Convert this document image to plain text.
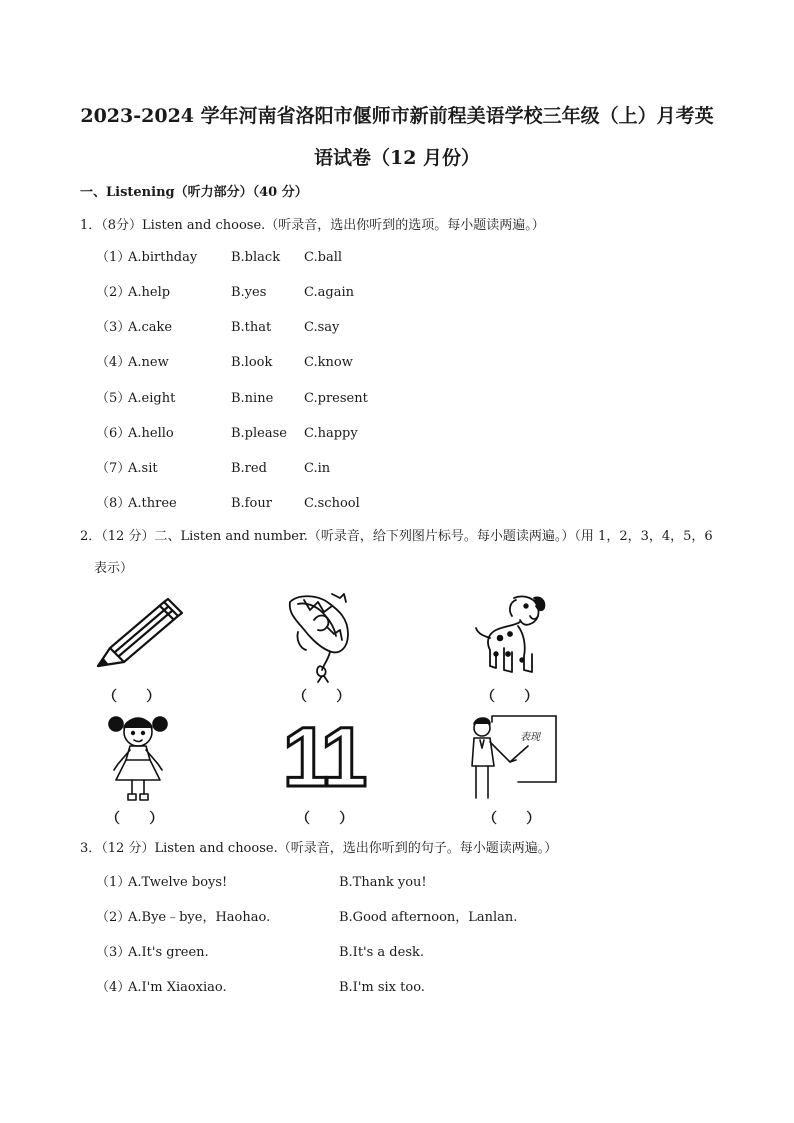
2023-2024 学年河南省洛阳市偃师市新前程美语学校三年级（上）月考英
语试卷（12 月份）
一、Listening（听力部分）（40 分）
1．（8分）Listen and choose.（听录音，选出你听到的选项。每小题读两遍。）
（1）
A.birthday	B.black C.ball
（2）
A.help	B.yes	C.again
（3）
A.cake	B.that	C.say
（4）
A.new	B.look C.know
（5）
A.eight	B.nine C.present
（6）
A.hello	B.please C.happy
（7）
A.sit	B.red	C.in
（8）
A.three	B.four C.school
2．（12 分）二、Listen and number.（听录音，给下列图片标号。每小题读两遍。）（用 1，2，3，4，5，6
表示）
（      ）	（      ）	（      ）
（      ）
11
（      ）
表现
（      ）
3．（12 分）Listen and choose.（听录音，选出你听到的句子。每小题读两遍。）
（1）
A.Twelve boys!	B.Thank you!
（2）
A.Bye﹣bye，Haohao.	B.Good afternoon，Lanlan.
（3）
A.It's green.	B.It's a desk.
（4）
A.I'm Xiaoxiao.	B.I'm six too.
